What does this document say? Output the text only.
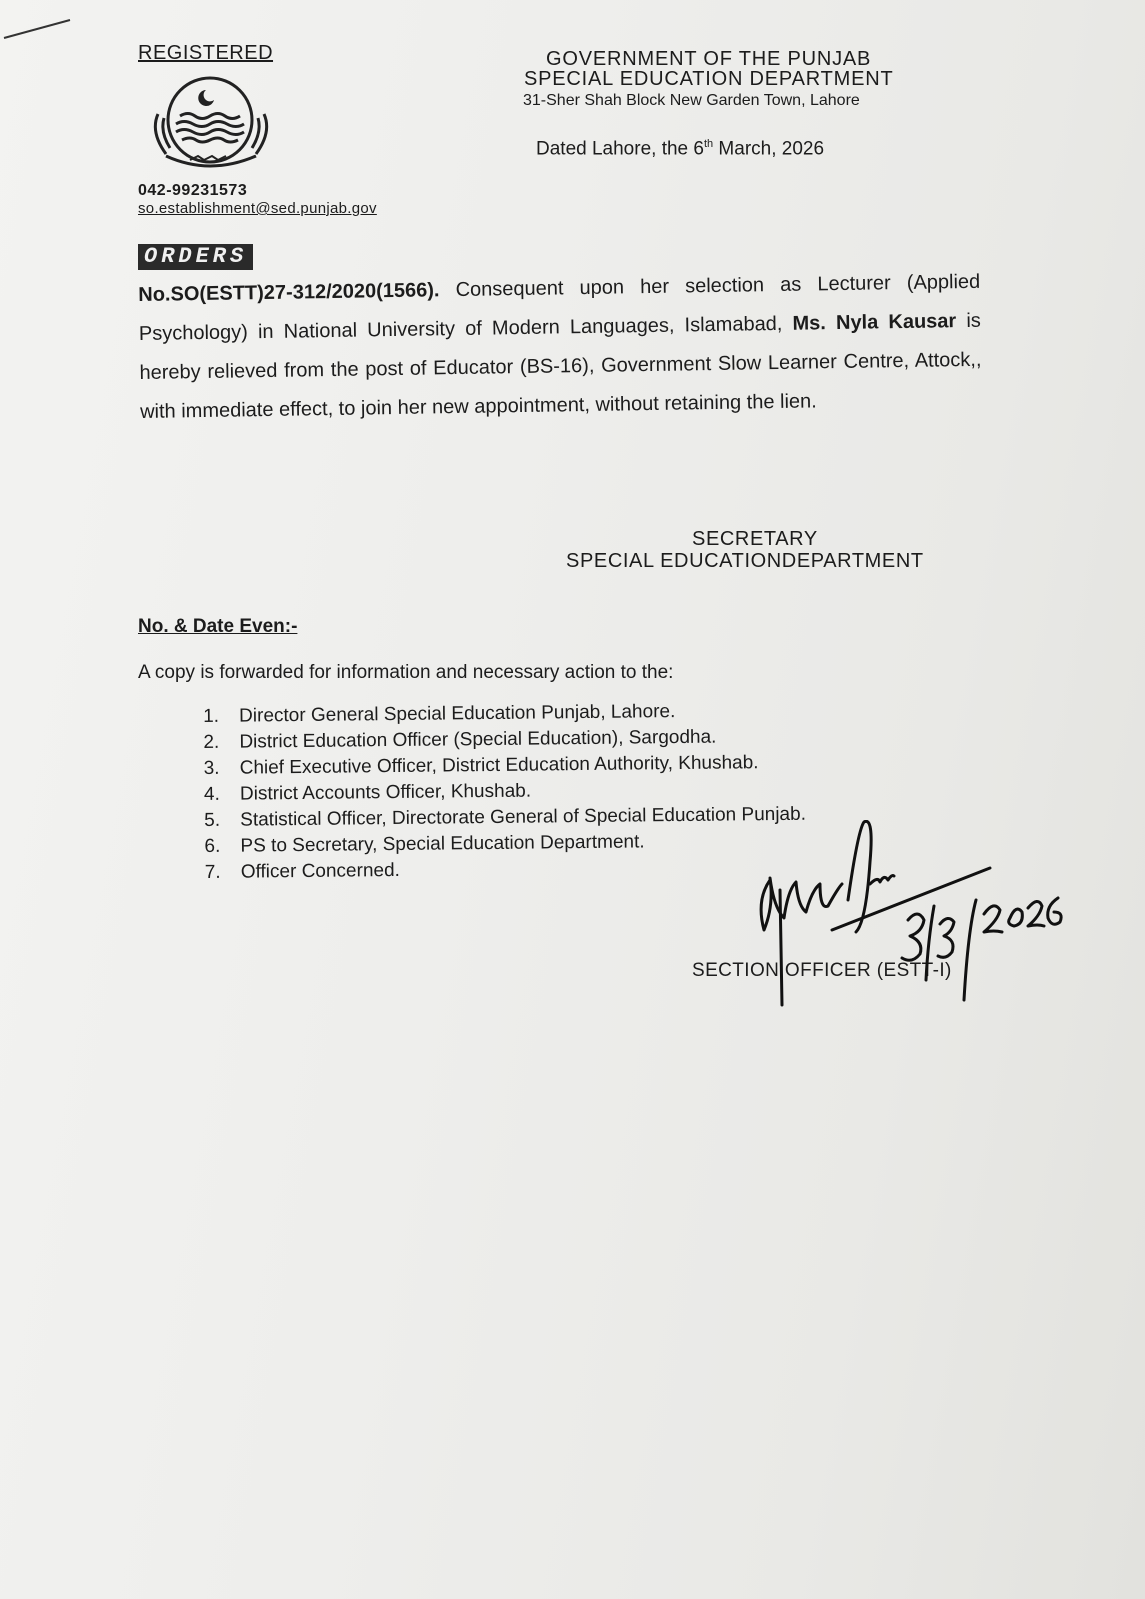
REGISTERED
042-99231573
so.establishment@sed.punjab.gov
GOVERNMENT OF THE PUNJAB
SPECIAL EDUCATION DEPARTMENT
31-Sher Shah Block New Garden Town, Lahore
Dated Lahore, the 6th March, 2026
ORDERS
No.SO(ESTT)27-312/2020(1566). Consequent upon her selection as Lecturer (Applied Psychology) in National University of Modern Languages, Islamabad, Ms. Nyla Kausar is hereby relieved from the post of Educator (BS-16), Government Slow Learner Centre, Attock,, with immediate effect, to join her new appointment, without retaining the lien.
SECRETARY
SPECIAL EDUCATIONDEPARTMENT
No. & Date Even:-
A copy is forwarded for information and necessary action to the:
1. Director General Special Education Punjab, Lahore.
2. District Education Officer (Special Education), Sargodha.
3. Chief Executive Officer, District Education Authority, Khushab.
4. District Accounts Officer, Khushab.
5. Statistical Officer, Directorate General of Special Education Punjab.
6. PS to Secretary, Special Education Department.
7. Officer Concerned.
SECTION OFFICER (ESTT-I)
